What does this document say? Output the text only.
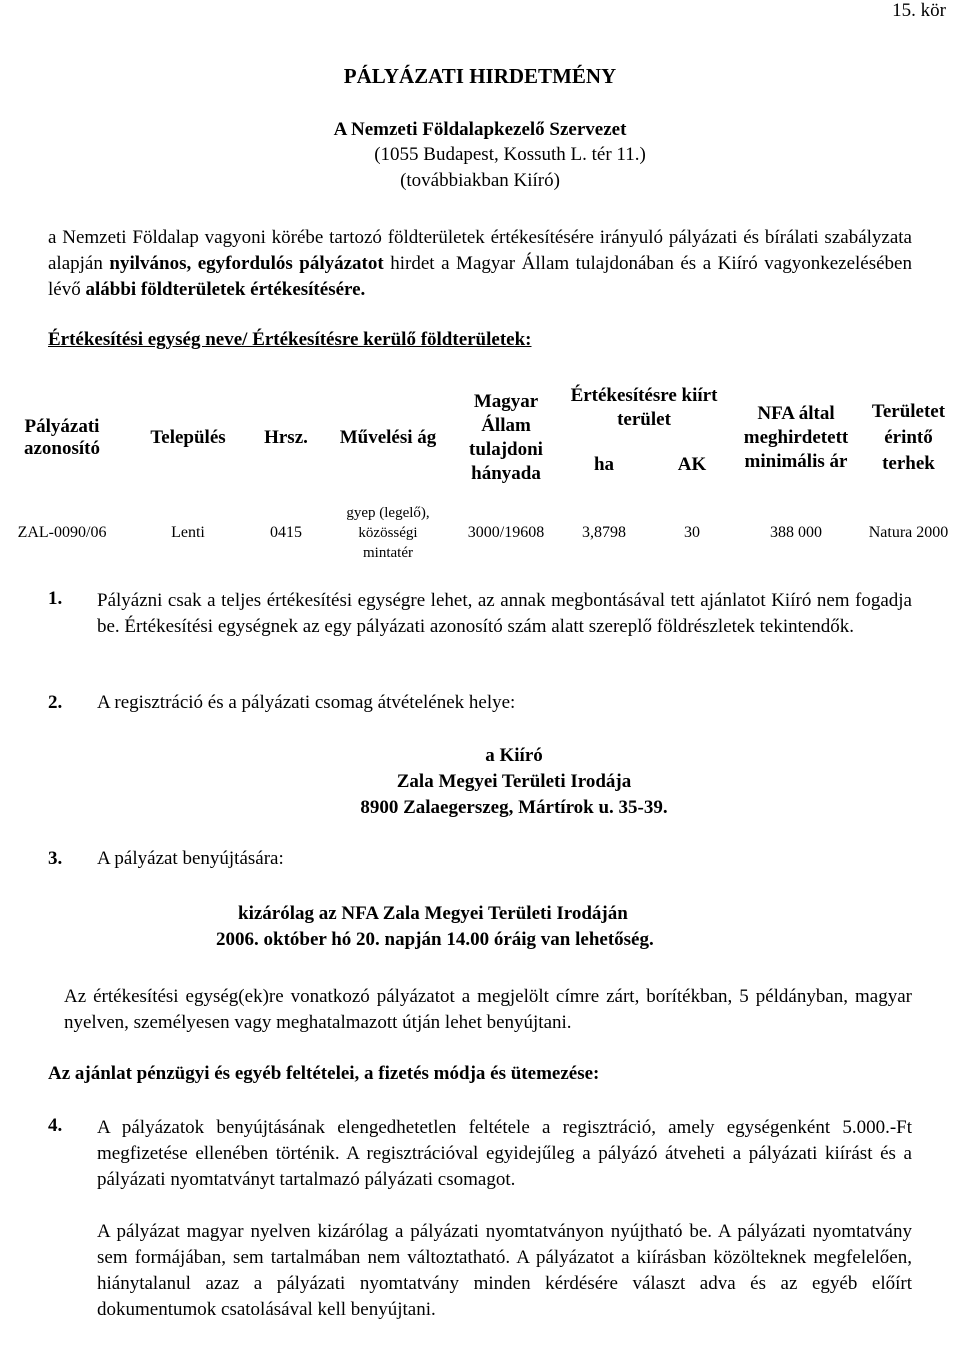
15. kör
PÁLYÁZATI HIRDETMÉNY
A Nemzeti Földalapkezelő Szervezet
(1055 Budapest, Kossuth L. tér 11.)
(továbbiakban Kiíró)
a Nemzeti Földalap vagyoni körébe tartozó földterületek értékesítésére irányuló pályázati és bírálati szabályzata alapján nyilvános, egyfordulós pályázatot hirdet a Magyar Állam tulajdonában és a Kiíró vagyonkezelésében lévő alábbi földterületek értékesítésére.
Értékesítési egység neve/ Értékesítésre kerülő földterületek:
Pályázati azonosító	Település	Hrsz.	Művelési ág	Magyar Állam tulajdoni hányada	Értékesítésre kiírt terület		NFA által meghirdetett minimális ár	Területet érintő terhek
					ha	AK		
ZAL-0090/06	Lenti	0415	gyep (legelő), közösségi mintatér	3000/19608	3,8798	30	388 000	Natura 2000
1. Pályázni csak a teljes értékesítési egységre lehet, az annak megbontásával tett ajánlatot Kiíró nem fogadja be. Értékesítési egységnek az egy pályázati azonosító szám alatt szereplő földrészletek tekintendők.
2. A regisztráció és a pályázati csomag átvételének helye:
a Kiíró
Zala Megyei Területi Irodája
8900 Zalaegerszeg, Mártírok u. 35-39.
3. A pályázat benyújtására:
kizárólag az NFA Zala Megyei Területi Irodáján
2006. október hó 20. napján 14.00 óráig van lehetőség.
Az értékesítési egység(ek)re vonatkozó pályázatot a megjelölt címre zárt, borítékban, 5 példányban, magyar nyelven, személyesen vagy meghatalmazott útján lehet benyújtani.
Az ajánlat pénzügyi és egyéb feltételei, a fizetés módja és ütemezése:
4. A pályázatok benyújtásának elengedhetetlen feltétele a regisztráció, amely egységenként 5.000.-Ft megfizetése ellenében történik. A regisztrációval egyidejűleg a pályázó átveheti a pályázati kiírást és a pályázati nyomtatványt tartalmazó pályázati csomagot.
A pályázat magyar nyelven kizárólag a pályázati nyomtatványon nyújtható be. A pályázati nyomtatvány sem formájában, sem tartalmában nem változtatható. A pályázatot a kiírásban közölteknek megfelelően, hiánytalanul azaz a pályázati nyomtatvány minden kérdésére választ adva és az egyéb előírt dokumentumok csatolásával kell benyújtani.
